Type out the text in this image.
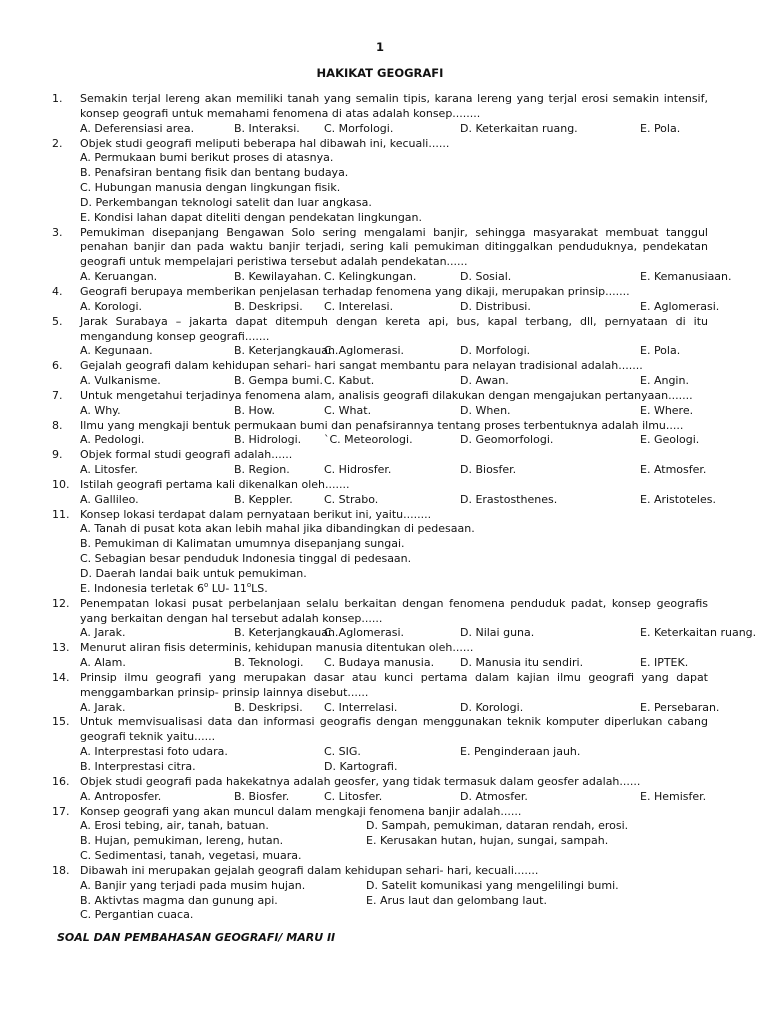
1
HAKIKAT GEOGRAFI
1. Semakin terjal lereng akan memiliki tanah yang semalin tipis, karana lereng yang terjal erosi semakin intensif,
konsep geografi untuk memahami fenomena di atas adalah konsep........
A. Deferensiasi area.	B. Interaksi. C. Morfologi.	D. Keterkaitan ruang.	E. Pola.
2. Objek studi geografi meliputi beberapa hal dibawah ini, kecuali......
A. Permukaan bumi berikut proses di atasnya.
B. Penafsiran bentang fisik dan bentang budaya.
C. Hubungan manusia dengan lingkungan fisik.
D. Perkembangan teknologi satelit dan luar angkasa.
E. Kondisi lahan dapat diteliti dengan pendekatan lingkungan.
3. Pemukiman disepanjang Bengawan Solo sering mengalami banjir, sehingga masyarakat membuat tanggul
penahan banjir dan pada waktu banjir terjadi, sering kali pemukiman ditinggalkan penduduknya, pendekatan
geografi untuk mempelajari peristiwa tersebut adalah pendekatan......
A. Keruangan.	B. Kewilayahan. C. Kelingkungan.	D. Sosial.	E. Kemanusiaan.
4. Geografi berupaya memberikan penjelasan terhadap fenomena yang dikaji, merupakan prinsip.......
A. Korologi.	B. Deskripsi. C. Interelasi.	D. Distribusi.	E. Aglomerasi.
5. Jarak Surabaya – jakarta dapat ditempuh dengan kereta api, bus, kapal terbang, dll, pernyataan di itu
mengandung konsep geografi.......
A. Kegunaan.	B. Keterjangkauan.
C. Aglomerasi.	D. Morfologi.	E. Pola.
6. Gejalah geografi dalam kehidupan sehari- hari sangat membantu para nelayan tradisional adalah.......
A. Vulkanisme.	B. Gempa bumi. C. Kabut.	D. Awan.	E. Angin.
7. Untuk mengetahui terjadinya fenomena alam, analisis geografi dilakukan dengan mengajukan pertanyaan.......
A. Why.	B. How.	C. What.	D. When.	E. Where.
8. Ilmu yang mengkaji bentuk permukaan bumi dan penafsirannya tentang proses terbentuknya adalah ilmu.....
A. Pedologi.	B. Hidrologi. `C. Meteorologi.	D. Geomorfologi.	E. Geologi.
9. Objek formal studi geografi adalah......
A. Litosfer.	B. Region.	C. Hidrosfer.	D. Biosfer.	E. Atmosfer.
10. Istilah geografi pertama kali dikenalkan oleh.......
A. Gallileo.	B. Keppler.	C. Strabo.	D. Erastosthenes.	E. Aristoteles.
11. Konsep lokasi terdapat dalam pernyataan berikut ini, yaitu........
A. Tanah di pusat kota akan lebih mahal jika dibandingkan di pedesaan.
B. Pemukiman di Kalimatan umumnya disepanjang sungai.
C. Sebagian besar penduduk Indonesia tinggal di pedesaan.
D. Daerah landai baik untuk pemukiman.
E. Indonesia terletak 6$^o$ LU- 11$^o$LS.
12. Penempatan lokasi pusat perbelanjaan selalu berkaitan dengan fenomena penduduk padat, konsep geografis
yang berkaitan dengan hal tersebut adalah konsep......
A. Jarak.	B. Keterjangkauan.
C. Aglomerasi.	D. Nilai guna.	E. Keterkaitan ruang.
13. Menurut aliran fisis determinis, kehidupan manusia ditentukan oleh......
A. Alam.	B. Teknologi. C. Budaya manusia. D. Manusia itu sendiri.	E. IPTEK.
14. Prinsip ilmu geografi yang merupakan dasar atau kunci pertama dalam kajian ilmu geografi yang dapat
menggambarkan prinsip- prinsip lainnya disebut......
A. Jarak.	B. Deskripsi. C. Interrelasi.	D. Korologi.	E. Persebaran.
15. Untuk memvisualisasi data dan informasi geografis dengan menggunakan teknik komputer diperlukan cabang
geografi teknik yaitu......
A. Interprestasi foto udara.	C. SIG.	E. Penginderaan jauh.
B. Interprestasi citra.	D. Kartografi.
16. Objek studi geografi pada hakekatnya adalah geosfer, yang tidak termasuk dalam geosfer adalah......
A. Antroposfer.	B. Biosfer.	C. Litosfer.	D. Atmosfer.	E. Hemisfer.
17. Konsep geografi yang akan muncul dalam mengkaji fenomena banjir adalah......
A. Erosi tebing, air, tanah, batuan.	D. Sampah, pemukiman, dataran rendah, erosi.
B. Hujan, pemukiman, lereng, hutan.	E. Kerusakan hutan, hujan, sungai, sampah.
C. Sedimentasi, tanah, vegetasi, muara.
18. Dibawah ini merupakan gejalah geografi dalam kehidupan sehari- hari, kecuali.......
A. Banjir yang terjadi pada musim hujan.	D. Satelit komunikasi yang mengelilingi bumi.
B. Aktivtas magma dan gunung api.	E. Arus laut dan gelombang laut.
C. Pergantian cuaca.
SOAL DAN PEMBAHASAN GEOGRAFI/ MARU II
